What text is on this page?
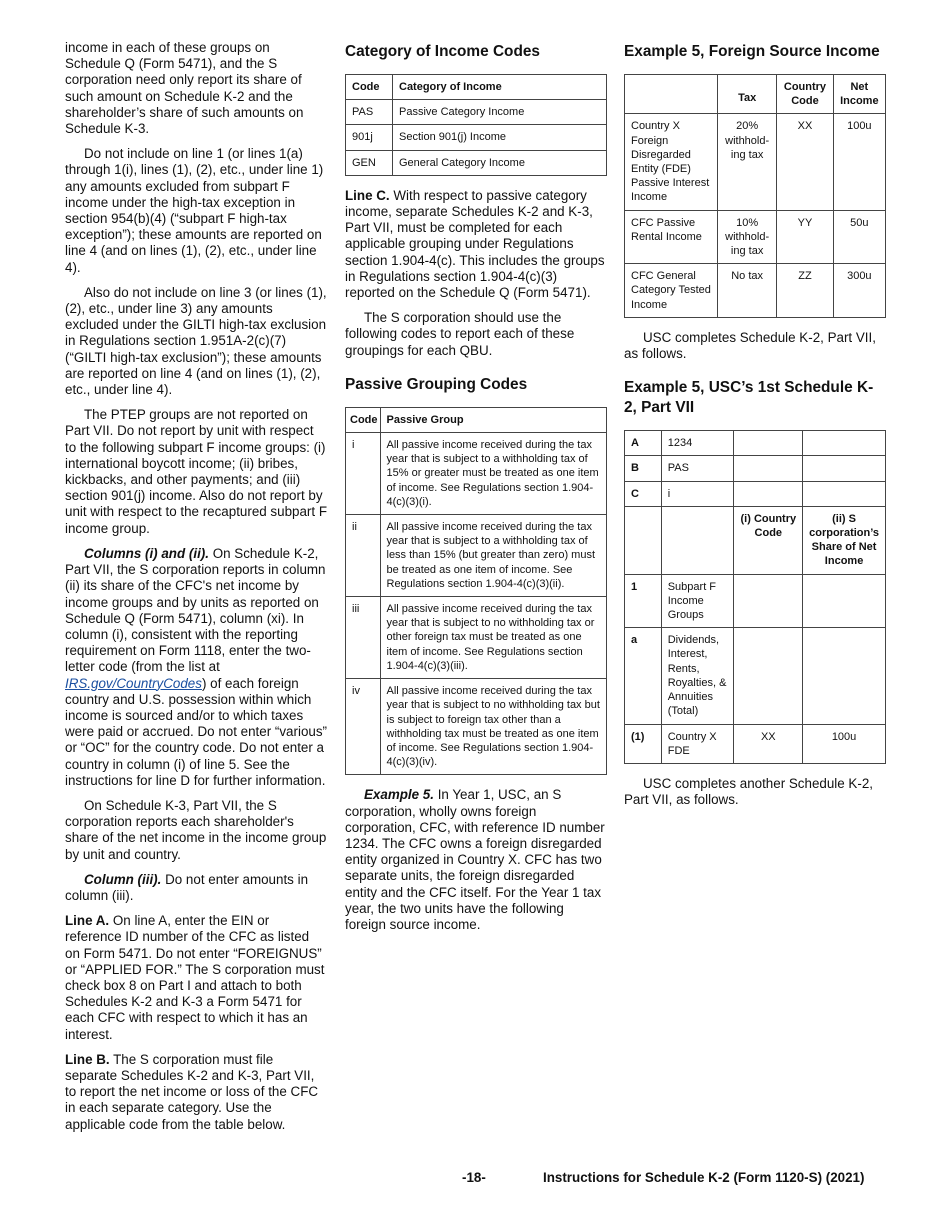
income in each of these groups on Schedule Q (Form 5471), and the S corporation need only report its share of such amount on Schedule K-2 and the shareholder’s share of such amounts on Schedule K-3.

Do not include on line 1 (or lines 1(a) through 1(i), lines (1), (2), etc., under line 1) any amounts excluded from subpart F income under the high-tax exception in section 954(b)(4) (“subpart F high-tax exception”); these amounts are reported on line 4 (and on lines (1), (2), etc., under line 4).

Also do not include on line 3 (or lines (1), (2), etc., under line 3) any amounts excluded under the GILTI high-tax exclusion in Regulations section 1.951A-2(c)(7) (“GILTI high-tax exclusion”); these amounts are reported on line 4 (and on lines (1), (2), etc., under line 4).

The PTEP groups are not reported on Part VII. Do not report by unit with respect to the following subpart F income groups: (i) international boycott income; (ii) bribes, kickbacks, and other payments; and (iii) section 901(j) income. Also do not report by unit with respect to the recaptured subpart F income group.

Columns (i) and (ii). On Schedule K-2, Part VII, the S corporation reports in column (ii) its share of the CFC's net income by income groups and by units as reported on Schedule Q (Form 5471), column (xi). In column (i), consistent with the reporting requirement on Form 1118, enter the two-letter code (from the list at IRS.gov/CountryCodes) of each foreign country and U.S. possession within which income is sourced and/or to which taxes were paid or accrued. Do not enter “various” or “OC” for the country code. Do not enter a country in column (i) of line 5. See the instructions for line D for further information.

On Schedule K-3, Part VII, the S corporation reports each shareholder's share of the net income in the income group by unit and country.

Column (iii). Do not enter amounts in column (iii).

Line A. On line A, enter the EIN or reference ID number of the CFC as listed on Form 5471. Do not enter “FOREIGNUS” or “APPLIED FOR.” The S corporation must check box 8 on Part I and attach to both Schedules K-2 and K-3 a Form 5471 for each CFC with respect to which it has an interest.

Line B. The S corporation must file separate Schedules K-2 and K-3, Part VII, to report the net income or loss of the CFC in each separate category. Use the applicable code from the table below.

Category of Income Codes
Code	Category of Income
PAS	Passive Category Income
901j	Section 901(j) Income
GEN	General Category Income

Line C. With respect to passive category income, separate Schedules K-2 and K-3, Part VII, must be completed for each applicable grouping under Regulations section 1.904-4(c). This includes the groups in Regulations section 1.904-4(c)(3) reported on the Schedule Q (Form 5471).

The S corporation should use the following codes to report each of these groupings for each QBU.

Passive Grouping Codes
Code	Passive Group
i	All passive income received during the tax year that is subject to a withholding tax of 15% or greater must be treated as one item of income. See Regulations section 1.904-4(c)(3)(i).
ii	All passive income received during the tax year that is subject to a withholding tax of less than 15% (but greater than zero) must be treated as one item of income. See Regulations section 1.904-4(c)(3)(ii).
iii	All passive income received during the tax year that is subject to no withholding tax or other foreign tax must be treated as one item of income. See Regulations section 1.904-4(c)(3)(iii).
iv	All passive income received during the tax year that is subject to no withholding tax but is subject to foreign tax other than a withholding tax must be treated as one item of income. See Regulations section 1.904-4(c)(3)(iv).

Example 5. In Year 1, USC, an S corporation, wholly owns foreign corporation, CFC, with reference ID number 1234. The CFC owns a foreign disregarded entity organized in Country X. CFC has two separate units, the foreign disregarded entity and the CFC itself. For the Year 1 tax year, the two units have the following foreign source income.

Example 5, Foreign Source Income
	Tax	Country Code	Net Income
Country X Foreign Disregarded Entity (FDE) Passive Interest Income	20% withhold-ing tax	XX	100u
CFC Passive Rental Income	10% withhold-ing tax	YY	50u
CFC General Category Tested Income	No tax	ZZ	300u

USC completes Schedule K-2, Part VII, as follows.

Example 5, USC’s 1st Schedule K-2, Part VII
A	1234		
B	PAS		
C	i		
		(i) Country Code	(ii) S corporation’s Share of Net Income
1	Subpart F Income Groups		
a	Dividends, Interest, Rents, Royalties, & Annuities (Total)		
(1)	Country X FDE	XX	100u

USC completes another Schedule K-2, Part VII, as follows.

-18-	Instructions for Schedule K-2 (Form 1120-S) (2021)
